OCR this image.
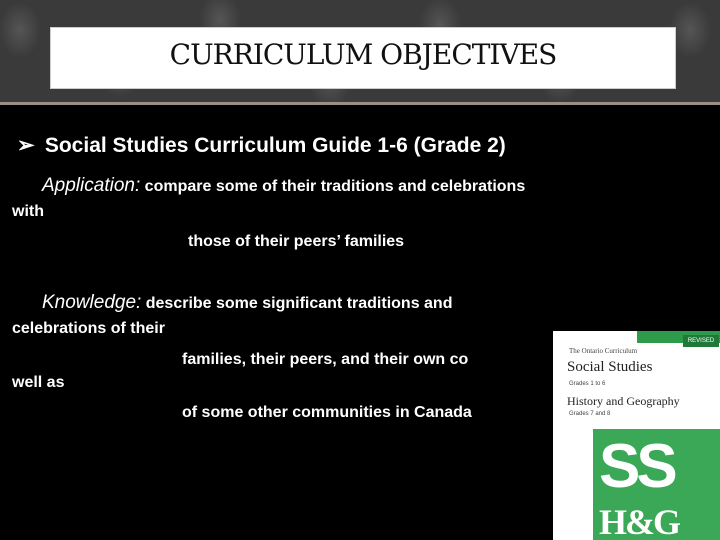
CURRICULUM OBJECTIVES
➢ Social Studies Curriculum Guide 1-6 (Grade 2)
Application: compare some of their traditions and celebrations
with
those of their peers’ families
Knowledge: describe some significant traditions and
celebrations of their
families, their peers, and their own co
well as
of some other communities in Canada
REVISED
The Ontario Curriculum
Social Studies
Grades 1 to 6
History and Geography
Grades 7 and 8
SS
H&G
